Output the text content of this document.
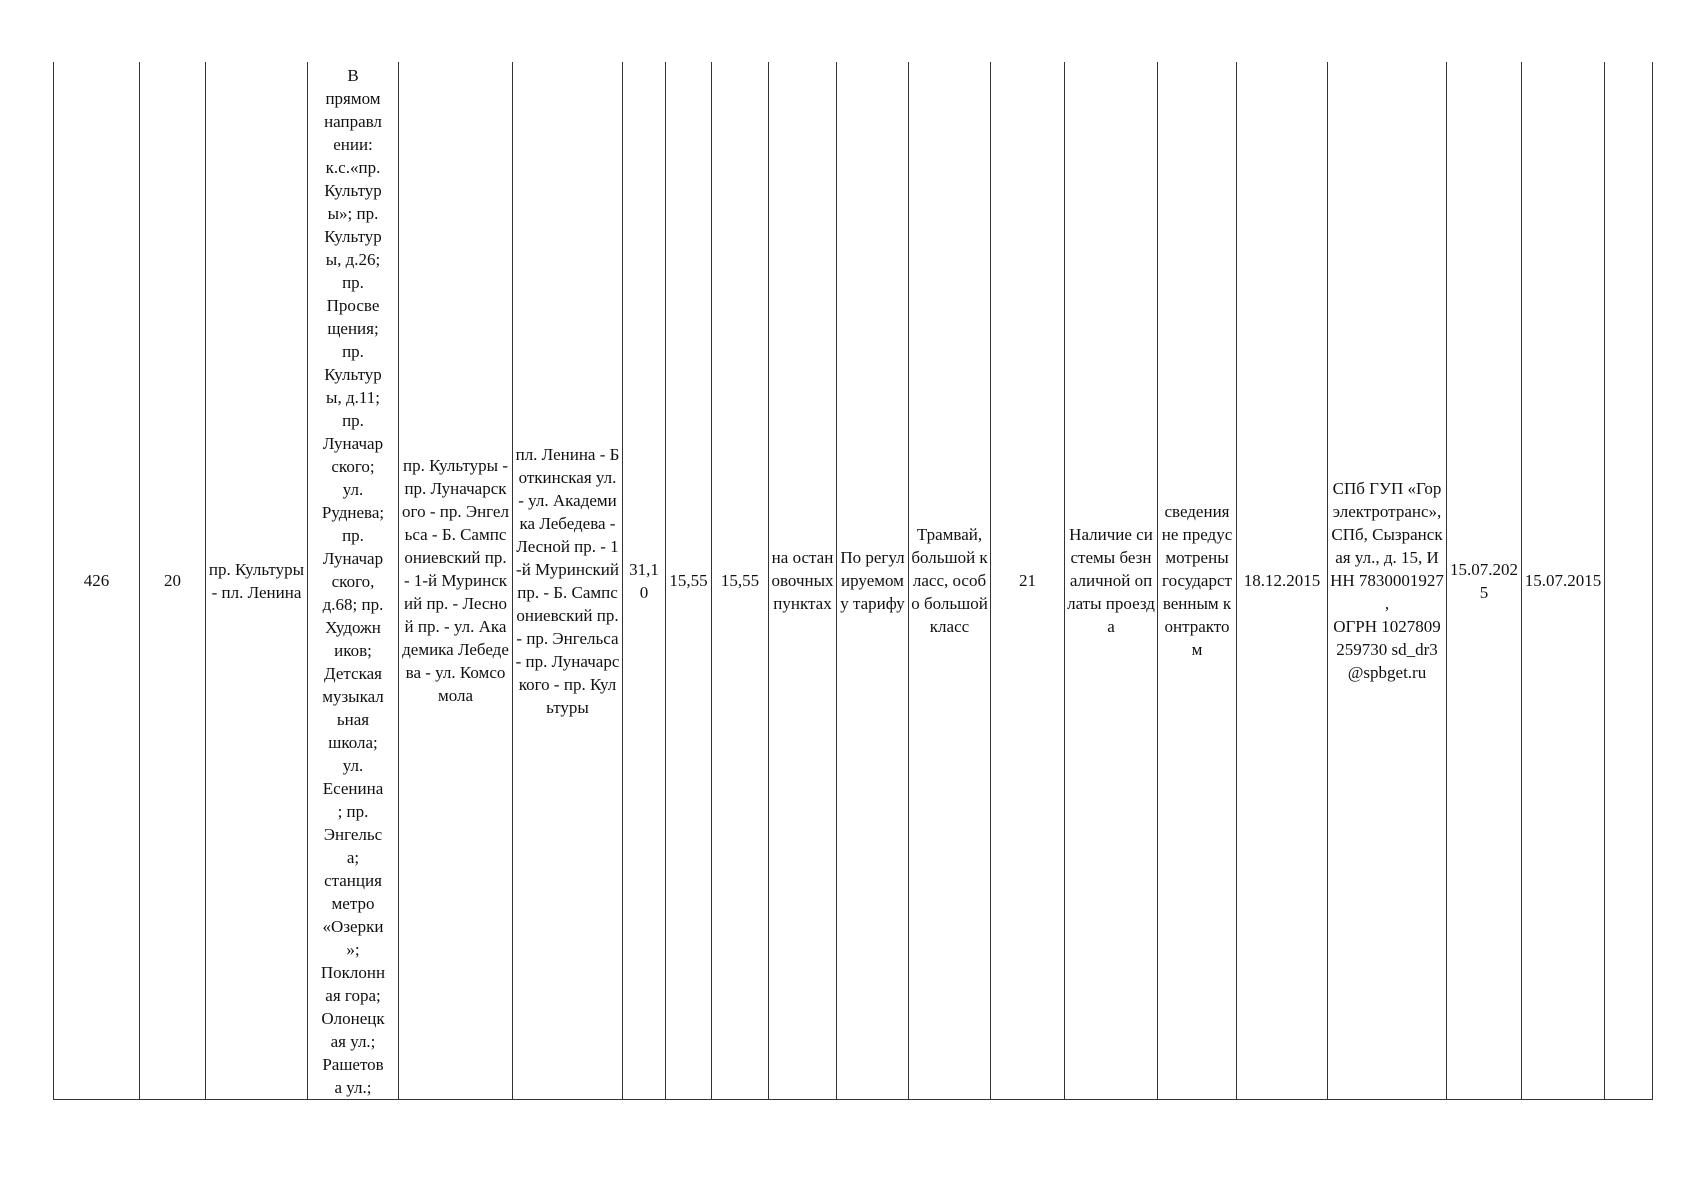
426	20	пр. Культуры - пл. Ленина	В
прямом
направл
ении:
к.с.«пр.
Культур
ы»; пр.
Культур
ы, д.26;
пр.
Просве
щения;
пр.
Культур
ы, д.11;
пр.
Луначар
ского;
ул.
Руднева;
пр.
Луначар
ского,
д.68; пр.
Художн
иков;
Детская
музыкал
ьная
школа;
ул.
Есенина
; пр.
Энгельс
а;
станция
метро
«Озерки
»;
Поклонн
ая гора;
Олонецк
ая ул.;
Рашетов
а ул.;	пр. Культуры - пр. Луначарского - пр. Энгельса - Б. Сампсониевский пр. - 1-й Муринский пр. - Лесной пр. - ул. Академика Лебедева - ул. Комсомола	пл. Ленина - Боткинская ул. - ул. Академика Лебедева - Лесной пр. - 1-й Муринский пр. - Б. Сампсониевский пр. - пр. Энгельса - пр. Луначарского - пр. Культуры	31,10	15,55	15,55	на остановочных пунктах	По регулируемому тарифу	Трамвай, большой класс, особо большой класс	21	Наличие системы безналичной оплаты проезда	сведения не предусмотрены государственным контрактом	18.12.2015	СПб ГУП «Горэлектротранс», СПб, Сызранская ул., д. 15, ИНН 7830001927
,
ОГРН 1027809259730 sd_dr3@spbget.ru	15.07.2025	15.07.2015	
